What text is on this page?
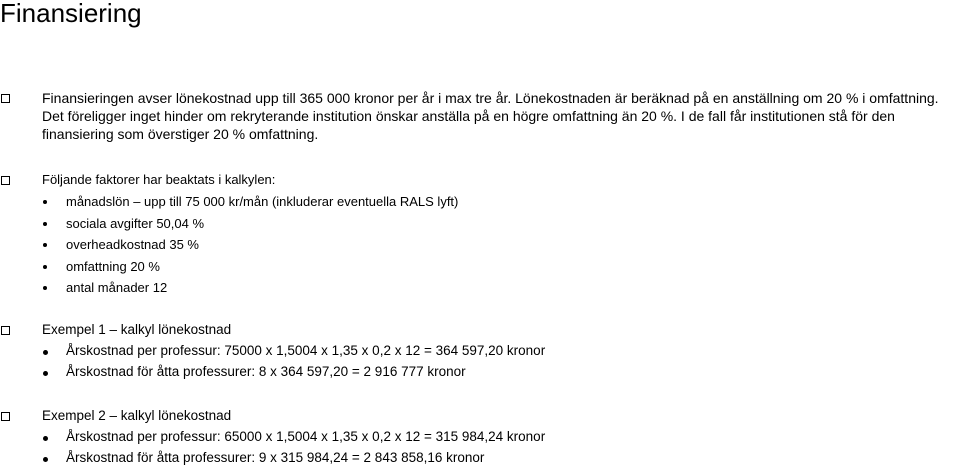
Finansiering
Finansieringen avser lönekostnad upp till 365 000 kronor per år i max tre år. Lönekostnaden är beräknad på en anställning om 20 % i omfattning.
Det föreligger inget hinder om rekryterande institution önskar anställa på en högre omfattning än 20 %. I de fall får institutionen stå för den
finansiering som överstiger 20 % omfattning.
Följande faktorer har beaktats i kalkylen:
månadslön – upp till 75 000 kr/mån (inkluderar eventuella RALS lyft)
sociala avgifter 50,04 %
overheadkostnad 35 %
omfattning 20 %
antal månader 12
Exempel 1 – kalkyl lönekostnad
Årskostnad per professur: 75000 x 1,5004 x 1,35 x 0,2 x 12 = 364 597,20 kronor
Årskostnad för åtta professurer: 8 x 364 597,20 = 2 916 777 kronor
Exempel 2 – kalkyl lönekostnad
Årskostnad per professur: 65000 x 1,5004 x 1,35 x 0,2 x 12 = 315 984,24 kronor
Årskostnad för åtta professurer: 9 x 315 984,24 = 2 843 858,16 kronor
